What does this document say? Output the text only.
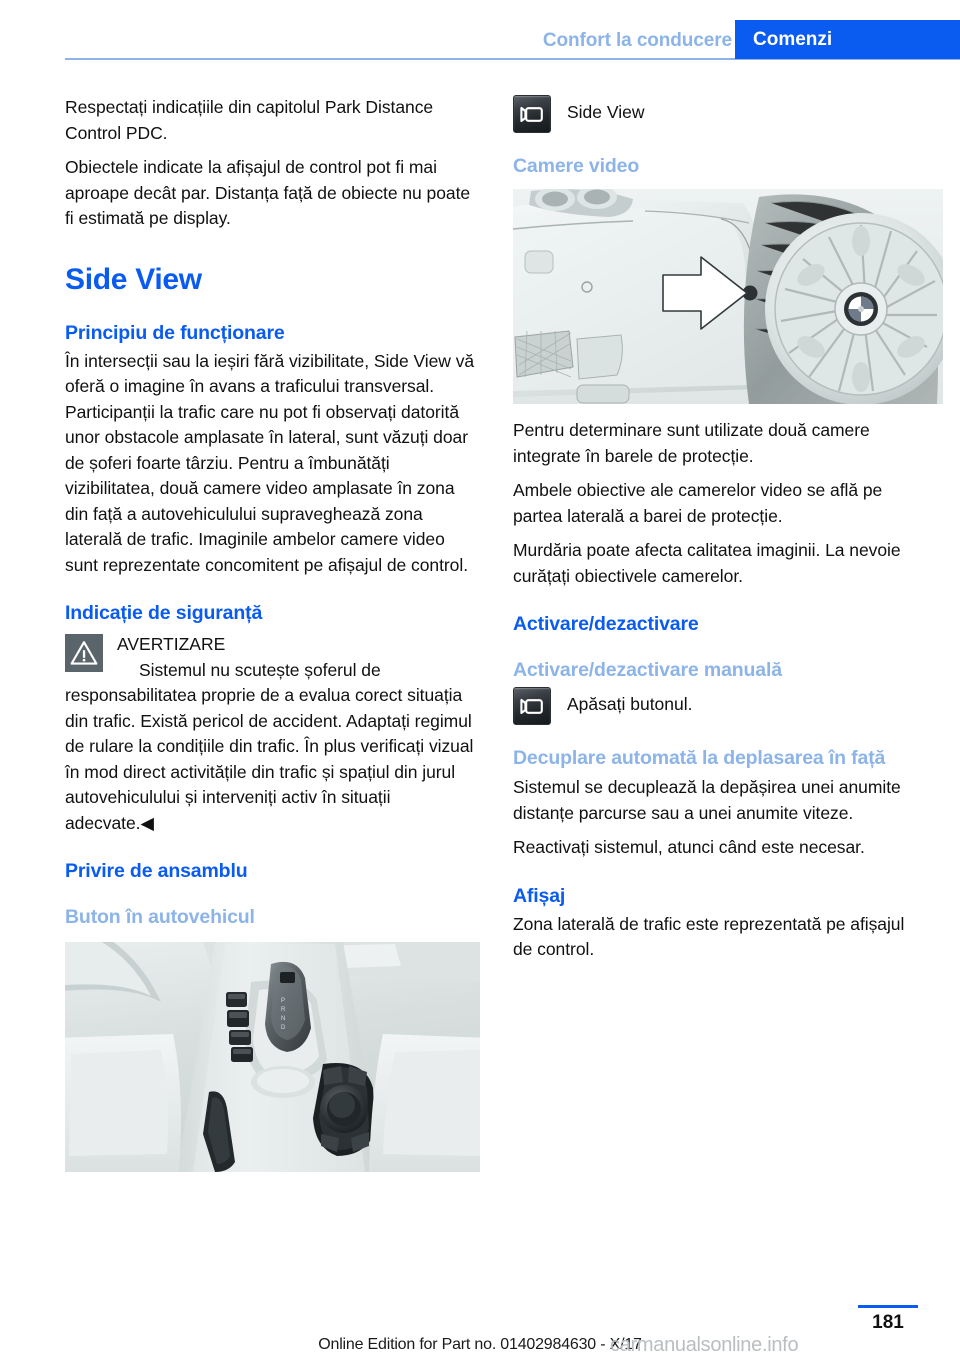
Confort la conducere Comenzi

Respectați indicațiile din capitolul Park Distance Control PDC.

Obiectele indicate la afișajul de control pot fi mai aproape decât par. Distanța față de obiecte nu poate fi estimată pe display.

Side View
Principiu de funcționare

În intersecții sau la ieșiri fără vizibilitate, Side View vă oferă o imagine în avans a traficului transversal. Participanții la trafic care nu pot fi observați datorită unor obstacole amplasate în lateral, sunt văzuți doar de șoferi foarte târziu. Pentru a îmbunătăți vizibilitatea, două camere video amplasate în zona din față a autovehiculului supraveghează zona laterală de trafic. Imaginile ambelor camere video sunt reprezentate concomitent pe afișajul de control.

Indicație de siguranță
AVERTIZARE
Sistemul nu scutește șoferul de responsabilitatea proprie de a evalua corect situația din trafic. Există pericol de accident. Adaptați regimul de rulare la condițiile din trafic. În plus verificați vizual în mod direct activitățile din trafic și spațiul din jurul autovehiculului și interveniți activ în situații adecvate.◀
Privire de ansamblu
Buton în autovehicul
P
R
N
D
Side View
Camere video

Pentru determinare sunt utilizate două camere integrate în barele de protecție.

Ambele obiective ale camerelor video se află pe partea laterală a barei de protecție.

Murdăria poate afecta calitatea imaginii. La nevoie curățați obiectivele camerelor.

Activare/dezactivare
Activare/dezactivare manuală
Apăsați butonul.
Decuplare automată la deplasarea în față

Sistemul se decuplează la depășirea unei anumite distanțe parcurse sau a unei anumite viteze.

Reactivați sistemul, atunci când este necesar.

Afișaj

Zona laterală de trafic este reprezentată pe afișajul de control.

181
Online Edition for Part no. 01402984630 - X/17
carmanualsonline.info
